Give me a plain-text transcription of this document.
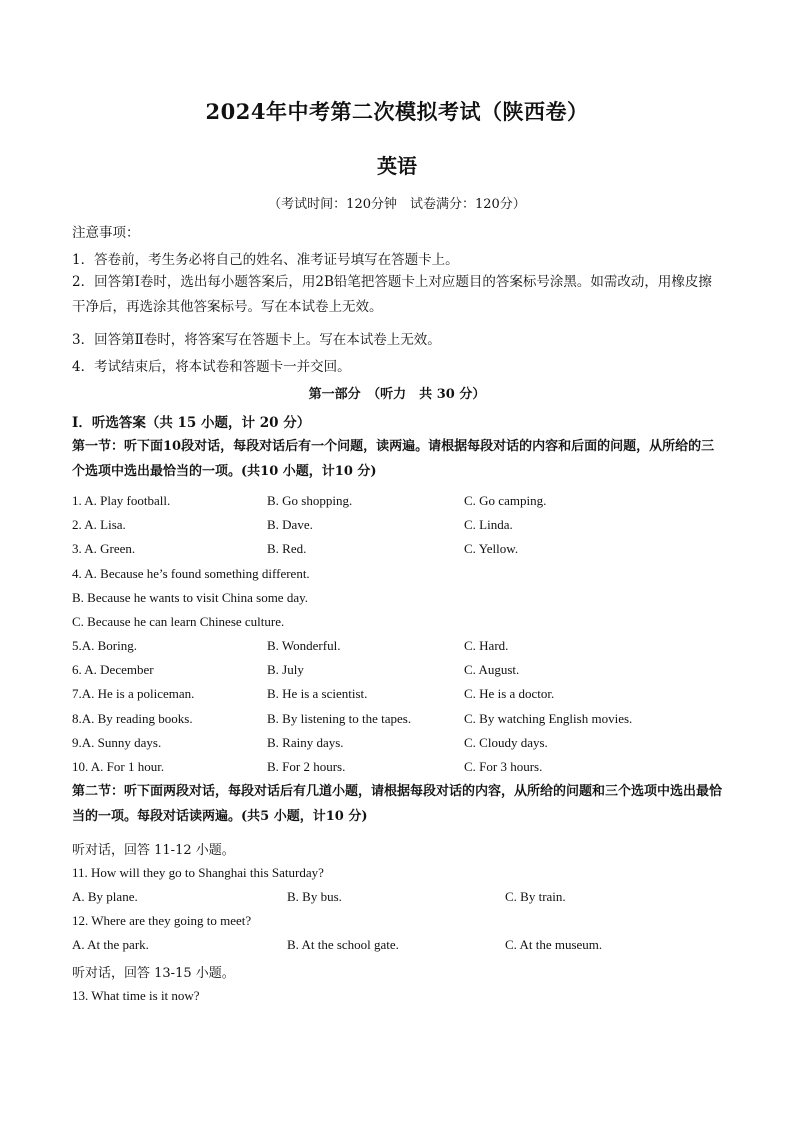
2024年中考第二次模拟考试（陕西卷）
英语
（考试时间：120分钟　试卷满分：120分）
注意事项：
1．答卷前，考生务必将自己的姓名、准考证号填写在答题卡上。
2．回答第Ⅰ卷时，选出每小题答案后，用2B铅笔把答题卡上对应题目的答案标号涂黑。如需改动，用橡皮擦干净后，再选涂其他答案标号。写在本试卷上无效。
3．回答第Ⅱ卷时，将答案写在答题卡上。写在本试卷上无效。
4．考试结束后，将本试卷和答题卡一并交回。
第一部分　（听力　共 30 分）
Ⅰ．听选答案（共 15 小题，计 20 分）
第一节：听下面10段对话，每段对话后有一个问题，读两遍。请根据每段对话的内容和后面的问题，从所给的三个选项中选出最恰当的一项。(共10 小题，计10 分)
1. A. Play football.	B. Go shopping.	C. Go camping.
2. A. Lisa.	B. Dave.	C. Linda.
3. A. Green.	B. Red.	C. Yellow.
4. A. Because he’s found something different.
B. Because he wants to visit China some day.
C. Because he can learn Chinese culture.
5.A. Boring.	B. Wonderful.	C. Hard.
6. A. December	B. July	C. August.
7.A. He is a policeman.	B. He is a scientist.	C. He is a doctor.
8.A. By reading books.	B. By listening to the tapes.	C. By watching English movies.
9.A. Sunny days.	B. Rainy days.	C. Cloudy days.
10. A. For 1 hour.	B. For 2 hours.	C. For 3 hours.
第二节：听下面两段对话，每段对话后有几道小题，请根据每段对话的内容，从所给的问题和三个选项中选出最恰当的一项。每段对话读两遍。(共5 小题，计10 分)
听对话，回答 11-12 小题。
11. How will they go to Shanghai this Saturday?
A. By plane.	B. By bus.	C. By train.
12. Where are they going to meet?
A. At the park.	B. At the school gate.	C. At the museum.
听对话，回答 13-15 小题。
13. What time is it now?
